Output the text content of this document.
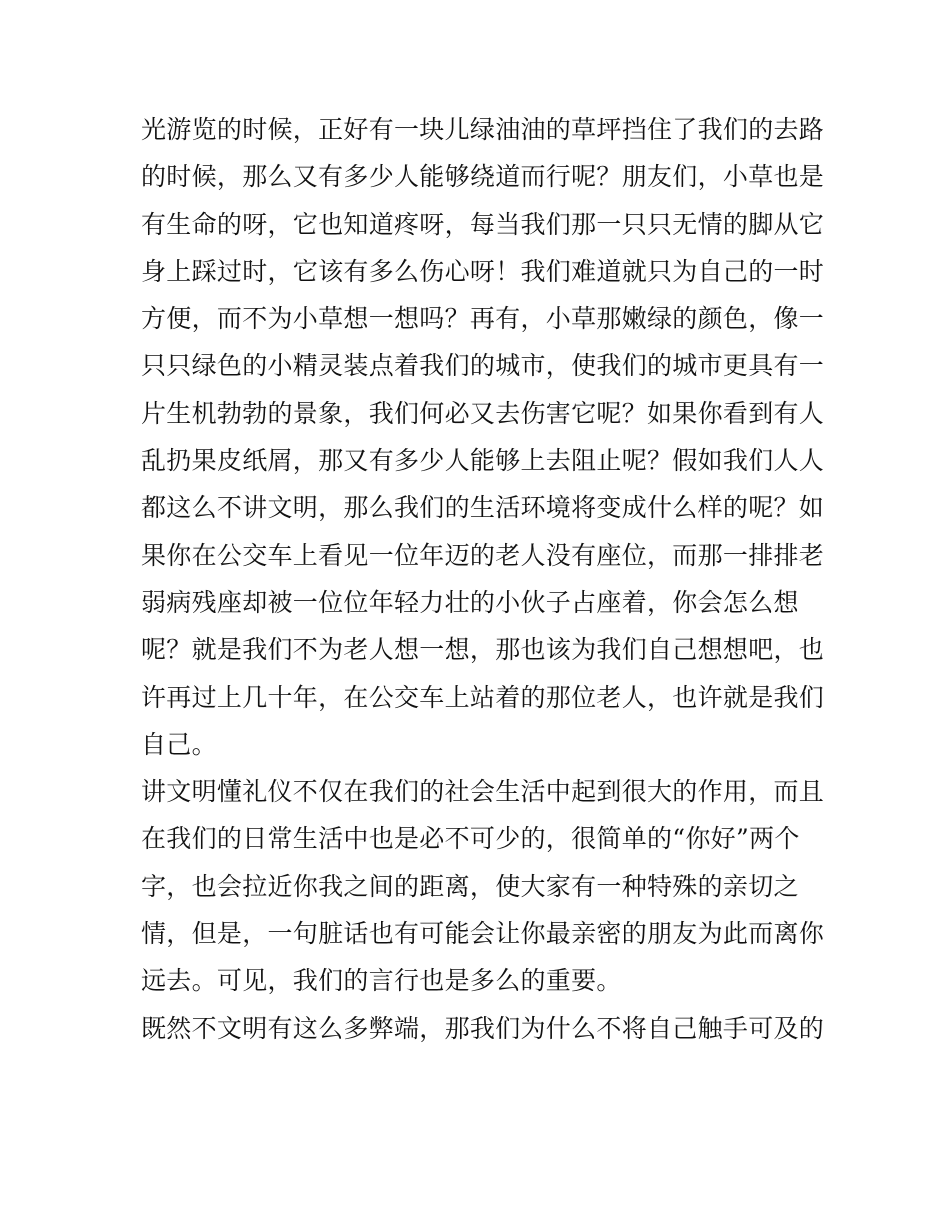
光游览的时候，正好有一块儿绿油油的草坪挡住了我们的去路
的时候，那么又有多少人能够绕道而行呢？朋友们，小草也是
有生命的呀，它也知道疼呀，每当我们那一只只无情的脚从它
身上踩过时，它该有多么伤心呀！我们难道就只为自己的一时
方便，而不为小草想一想吗？再有，小草那嫩绿的颜色，像一
只只绿色的小精灵装点着我们的城市，使我们的城市更具有一
片生机勃勃的景象，我们何必又去伤害它呢？如果你看到有人
乱扔果皮纸屑，那又有多少人能够上去阻止呢？假如我们人人
都这么不讲文明，那么我们的生活环境将变成什么样的呢？如
果你在公交车上看见一位年迈的老人没有座位，而那一排排老
弱病残座却被一位位年轻力壮的小伙子占座着，你会怎么想
呢？就是我们不为老人想一想，那也该为我们自己想想吧，也
许再过上几十年，在公交车上站着的那位老人，也许就是我们
自己。
讲文明懂礼仪不仅在我们的社会生活中起到很大的作用，而且
在我们的日常生活中也是必不可少的，很简单的“你好”两个
字，也会拉近你我之间的距离，使大家有一种特殊的亲切之
情，但是，一句脏话也有可能会让你最亲密的朋友为此而离你
远去。可见，我们的言行也是多么的重要。
既然不文明有这么多弊端，那我们为什么不将自己触手可及的
